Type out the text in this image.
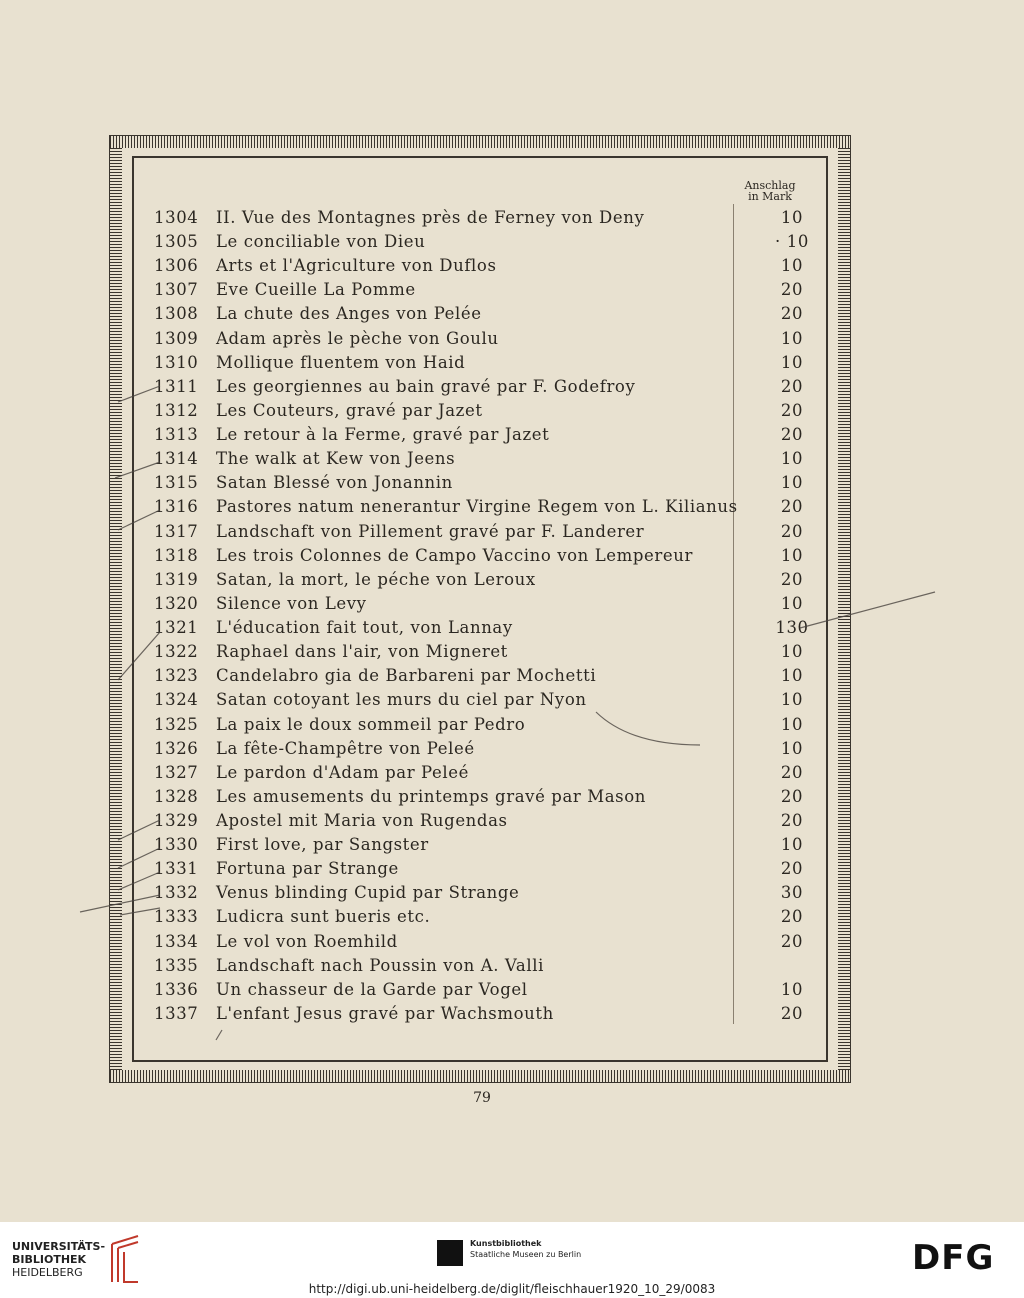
Anschlag
in Mark
1304 II. Vue des Montagnes près de Ferney von Deny	10
1305 Le conciliable von Dieu	· 10
1306 Arts et l'Agriculture von Duflos	10
1307 Eve Cueille La Pomme	20
1308 La chute des Anges von Pelée	20
1309 Adam après le pèche von Goulu	10
1310 Mollique fluentem von Haid	10
1311 Les georgiennes au bain gravé par F. Godefroy	20
1312 Les Couteurs, gravé par Jazet	20
1313 Le retour à la Ferme, gravé par Jazet	20
1314 The walk at Kew von Jeens	10
1315 Satan Blessé von Jonannin	10
1316 Pastores natum nenerantur Virgine Regem von L. Kilianus	20
1317 Landschaft von Pillement gravé par F. Landerer	20
1318 Les trois Colonnes de Campo Vaccino von Lempereur	10
1319 Satan, la mort, le péche von Leroux	20
1320 Silence von Levy	10
1321 L'éducation fait tout, von Lannay	130
1322 Raphael dans l'air, von Migneret	10
1323 Candelabro gia de Barbareni par Mochetti	10
1324 Satan cotoyant les murs du ciel par Nyon	10
1325 La paix le doux sommeil par Pedro	10
1326 La fête-Champêtre von Peleé	10
1327 Le pardon d'Adam par Peleé	20
1328 Les amusements du printemps gravé par Mason	20
1329 Apostel mit Maria von Rugendas	20
1330 First love, par Sangster	10
1331 Fortuna par Strange	20
1332 Venus blinding Cupid par Strange	30
1333 Ludicra sunt bueris etc.	20
1334 Le vol von Roemhild	20
1335 Landschaft nach Poussin von A. Valli
1336 Un chasseur de la Garde par Vogel	10
1337 L'enfant Jesus gravé par Wachsmouth	20
79
UNIVERSITÄTS-
BIBLIOTHEK
HEIDELBERG
Kunstbibliothek
Staatliche Museen zu Berlin	DFG
http://digi.ub.uni-heidelberg.de/diglit/fleischhauer1920_10_29/0083
